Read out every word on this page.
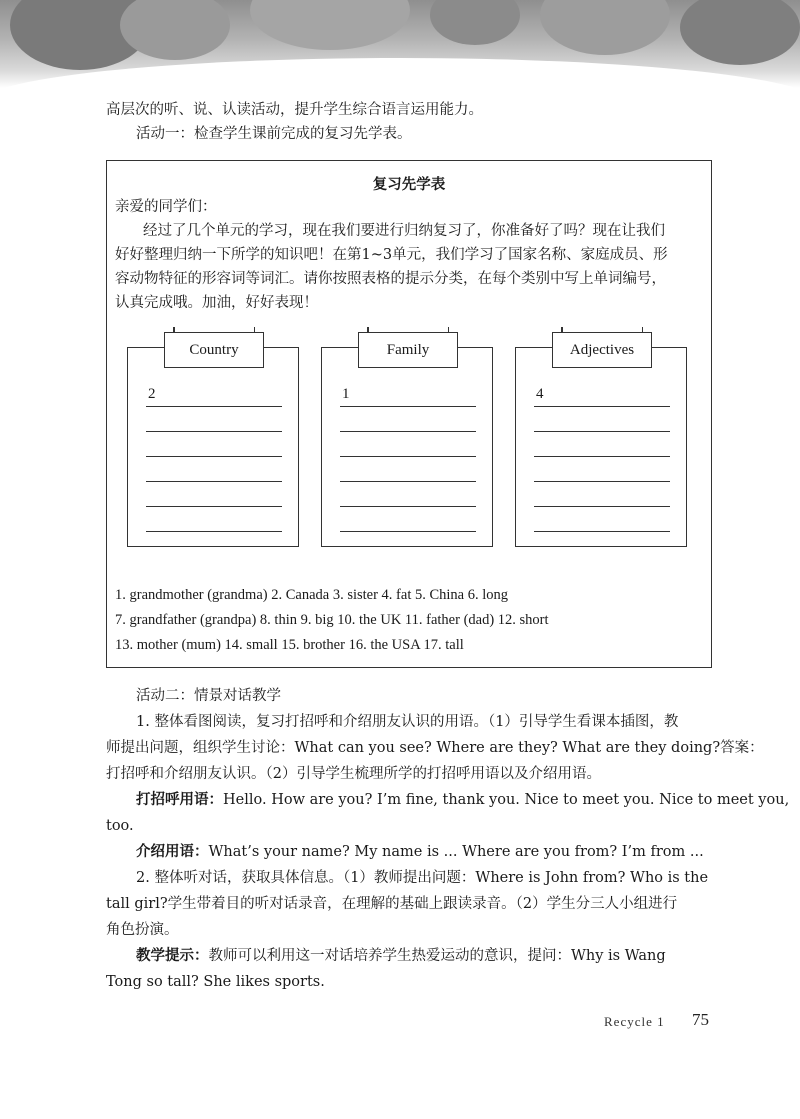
高层次的听、说、认读活动，提升学生综合语言运用能力。
活动一：检查学生课前完成的复习先学表。
复习先学表
亲爱的同学们：
经过了几个单元的学习，现在我们要进行归纳复习了，你准备好了吗？现在让我们
好好整理归纳一下所学的知识吧！在第1~3单元，我们学习了国家名称、家庭成员、形
容动物特征的形容词等词汇。请你按照表格的提示分类，在每个类别中写上单词编号，
认真完成哦。加油，好好表现！
Country
2
Family
1
Adjectives
4
1. grandmother (grandma) 2. Canada 3. sister 4. fat 5. China 6. long
7. grandfather (grandpa) 8. thin 9. big 10. the UK 11. father (dad) 12. short
13. mother (mum) 14. small 15. brother 16. the USA 17. tall
活动二：情景对话教学
1. 整体看图阅读，复习打招呼和介绍朋友认识的用语。（1）引导学生看课本插图，教
师提出问题，组织学生讨论：What can you see? Where are they? What are they doing?答案：
打招呼和介绍朋友认识。（2）引导学生梳理所学的打招呼用语以及介绍用语。
打招呼用语：Hello. How are you? I’m fine, thank you. Nice to meet you. Nice to meet you,
too.
介绍用语：What’s your name? My name is ... Where are you from? I’m from ...
2. 整体听对话，获取具体信息。（1）教师提出问题：Where is John from? Who is the
tall girl?学生带着目的听对话录音，在理解的基础上跟读录音。（2）学生分三人小组进行
角色扮演。
教学提示：教师可以利用这一对话培养学生热爱运动的意识，提问：Why is Wang
Tong so tall? She likes sports.
Recycle 1 75
